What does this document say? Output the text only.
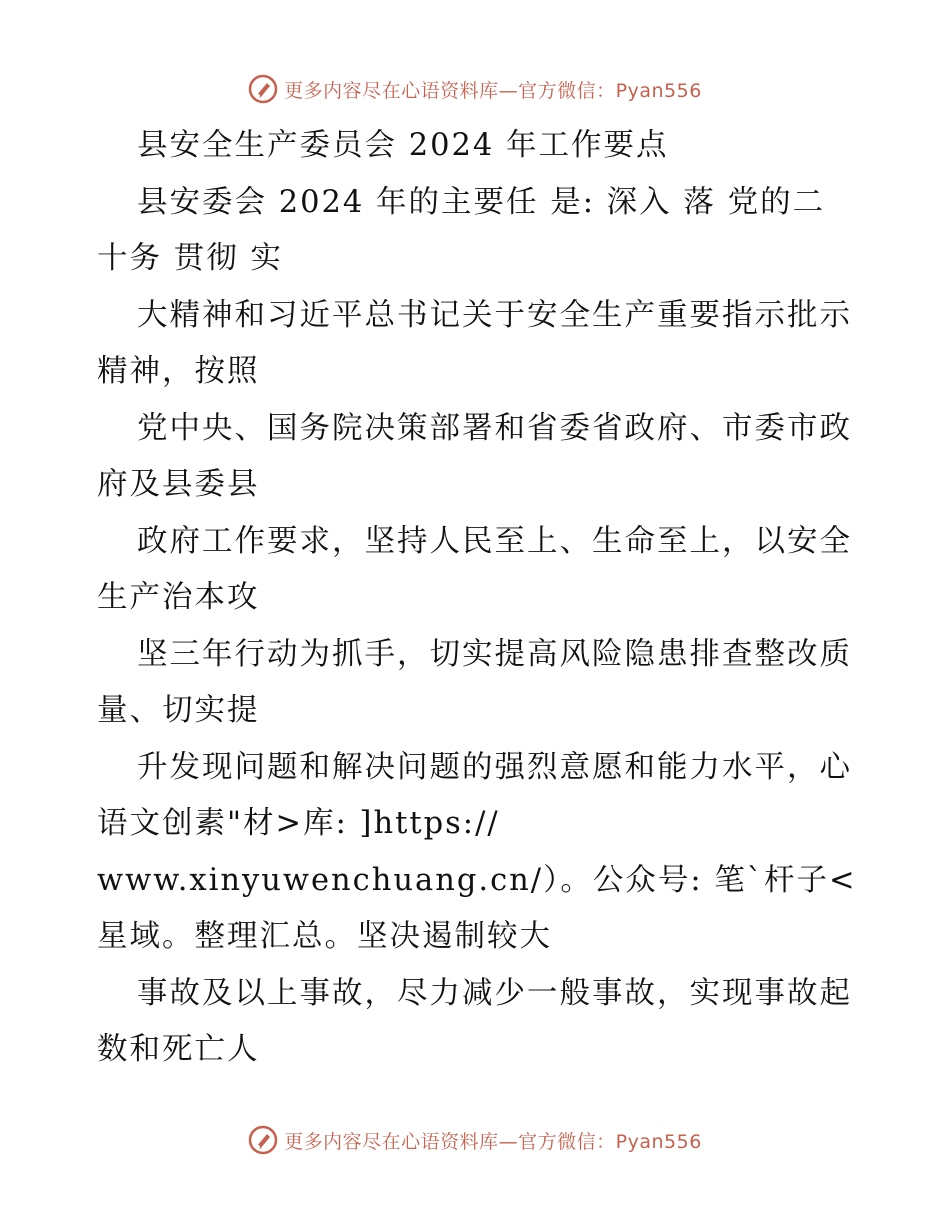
更多内容尽在心语资料库—官方微信：Pyan556

县安全生产委员会 2024 年工作要点

县安委会 2024 年的主要任 是: 深入 落 党的二十务 贯彻 实

大精神和习近平总书记关于安全生产重要指示批示精神，按照

党中央、国务院决策部署和省委省政府、市委市政府及县委县

政府工作要求，坚持人民至上、生命至上，以安全生产治本攻

坚三年行动为抓手，切实提高风险隐患排查整改质量、切实提

升发现问题和解决问题的强烈意愿和能力水平，心语文创素"材>库: ]https://

www.xinyuwenchuang.cn/）。公众号: 笔`杆子<星域。整理汇总。坚决遏制较大

事故及以上事故，尽力减少一般事故，实现事故起数和死亡人

更多内容尽在心语资料库—官方微信：Pyan556
